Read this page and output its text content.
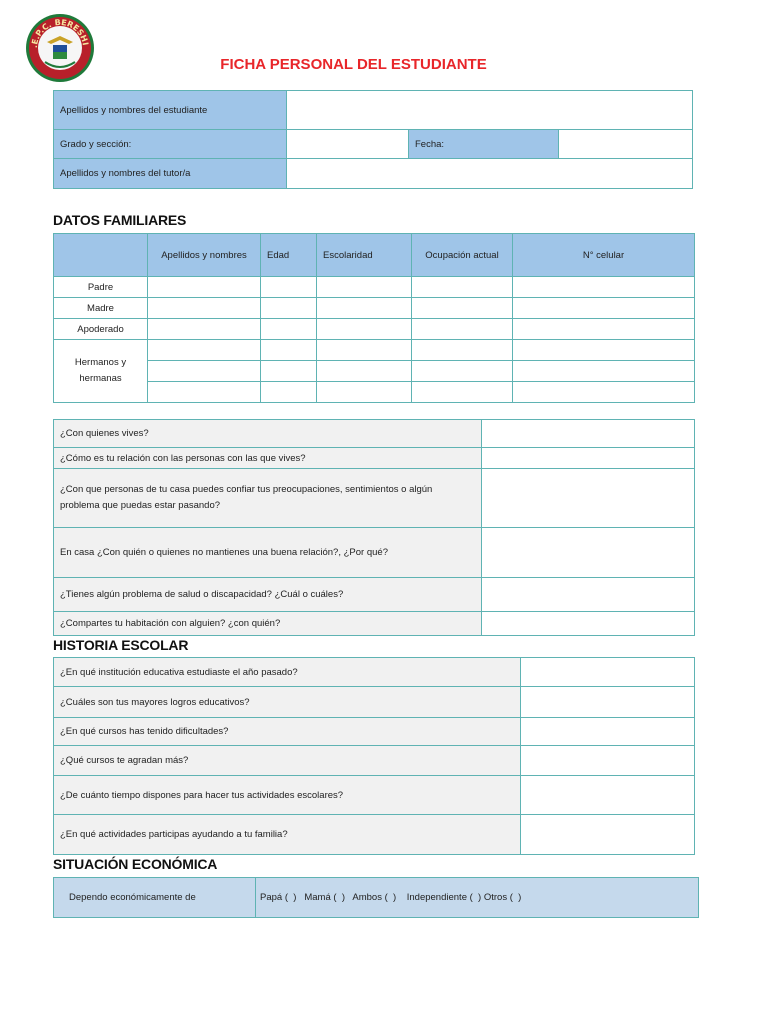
.E.P.C. BERESHI
FICHA PERSONAL DEL ESTUDIANTE
Apellidos y nombres del estudiante			
Grado y sección:		Fecha:	
Apellidos y nombres del tutor/a			
DATOS FAMILIARES
	Apellidos y nombres	Edad	Escolaridad	Ocupación actual	N° celular
Padre					
Madre					
Apoderado					
Hermanos y hermanas					

¿Con quienes vives?	
¿Cómo es tu relación con las personas con las que vives?	
¿Con que personas de tu casa puedes confiar tus preocupaciones, sentimientos o algún problema que puedas estar pasando?	
En casa ¿Con quién o quienes no mantienes una buena relación?, ¿Por qué?	
¿Tienes algún problema de salud o discapacidad? ¿Cuál o cuáles?	
¿Compartes tu habitación con alguien? ¿con quién?	
HISTORIA ESCOLAR
¿En qué institución educativa estudiaste el año pasado?	
¿Cuáles son tus mayores logros educativos?	
¿En qué cursos has tenido dificultades?	
¿Qué cursos te agradan más?	
¿De cuánto tiempo dispones para hacer tus actividades escolares?	
¿En qué actividades participas ayudando a tu familia?	
SITUACIÓN ECONÓMICA
Dependo económicamente de	Papá (  )   Mamá (  )   Ambos (  )    Independiente (  ) Otros (  )
